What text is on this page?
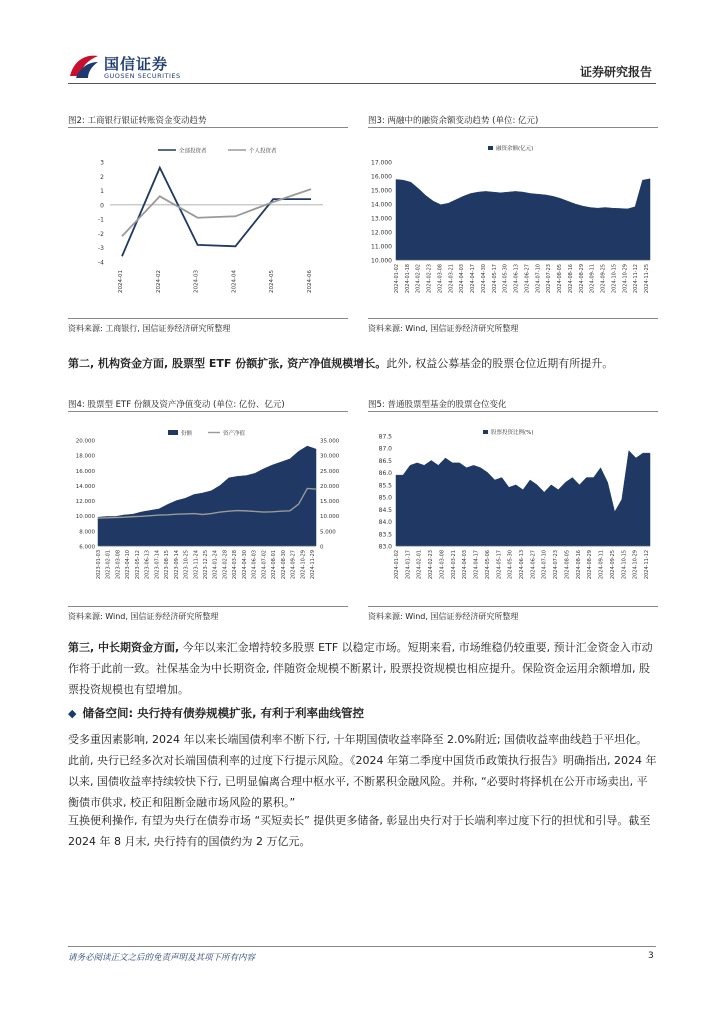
国信证券
GUOSEN SECURITIES	证券研究报告
图2: 工商银行银证转账资金变动趋势	图3: 两融中的融资余额变动趋势 (单位: 亿元)
3
2
1
0
-1
-2
-3
-4
全部投资者	个人投资者
2024-01	2024-02	2024-03	2024-04	2024-05	2024-06
17.000
16.000
15.000
14.000
13.000
12.000
11.000
10.000
融资余额(亿元)
2024-01-02 2024-01-18 2024-02-02 2024-02-23 2024-03-08 2024-03-21 2024-04-03 2024-04-17 2024-04-30 2024-05-17 2024-05-30 2024-06-13 2024-06-27 2024-07-10 2024-07-23 2024-08-05 2024-08-16 2024-08-29 2024-09-11 2024-09-25 2024-10-15 2024-10-29 2024-11-12 2024-11-25
资料来源: 工商银行, 国信证券经济研究所整理	资料来源: Wind, 国信证券经济研究所整理
第二, 机构资金方面, 股票型 ETF 份额扩张, 资产净值规模增长。此外, 权益公募基金的股票仓位近期有所提升。
图4: 股票型 ETF 份额及资产净值变动 (单位: 亿份、亿元)	图5: 普通股票型基金的股票仓位变化
20.000
18.000
16.000
14.000
12.000
10.000
8.000
6.000
35.000
30.000
25.000
20.000
15.000
10.000
5.000
0
份额	资产净值
2023-01-03 2023-02-01 2023-03-08 2023-04-10 2023-05-12 2023-06-13 2023-07-14 2023-08-15 2023-09-14 2023-10-25 2023-11-24 2023-12-25 2024-01-24 2024-02-28 2024-03-28 2024-04-30 2024-06-03 2024-07-02 2024-08-01 2024-08-30 2024-09-27 2024-10-29 2024-11-29
87.5
87.0
86.5
86.0
85.5
85.0
84.5
84.0
83.5
83.0
股票投资比例(%)
2024-01-02 2024-01-17 2024-02-01 2024-02-23 2024-03-08 2024-03-21 2024-04-03 2024-04-17 2024-05-06 2024-05-17 2024-05-30 2024-06-13 2024-06-27 2024-07-10 2024-07-23 2024-08-05 2024-08-16 2024-08-29 2024-09-11 2024-09-25 2024-10-15 2024-10-29 2024-11-12
资料来源: Wind, 国信证券经济研究所整理	资料来源: Wind, 国信证券经济研究所整理
第三, 中长期资金方面, 今年以来汇金增持较多股票 ETF 以稳定市场。短期来看, 市场维稳仍较重要, 预计汇金资金入市动作将于此前一致。社保基金为中长期资金, 伴随资金规模不断累计, 股票投资规模也相应提升。保险资金运用余额增加, 股票投资规模也有望增加。
◆ 储备空间: 央行持有债券规模扩张, 有利于利率曲线管控
受多重因素影响, 2024 年以来长端国债利率不断下行, 十年期国债收益率降至 2.0%附近; 国债收益率曲线趋于平坦化。此前, 央行已经多次对长端国债利率的过度下行提示风险。《2024 年第二季度中国货币政策执行报告》明确指出, 2024 年以来, 国债收益率持续较快下行, 已明显偏离合理中枢水平, 不断累积金融风险。并称, “必要时将择机在公开市场卖出, 平衡债市供求, 校正和阻断金融市场风险的累积。”
互换便利操作, 有望为央行在债券市场 “买短卖长” 提供更多储备, 彰显出央行对于长端利率过度下行的担忧和引导。截至 2024 年 8 月末, 央行持有的国债约为 2 万亿元。
请务必阅读正文之后的免责声明及其项下所有内容	3
